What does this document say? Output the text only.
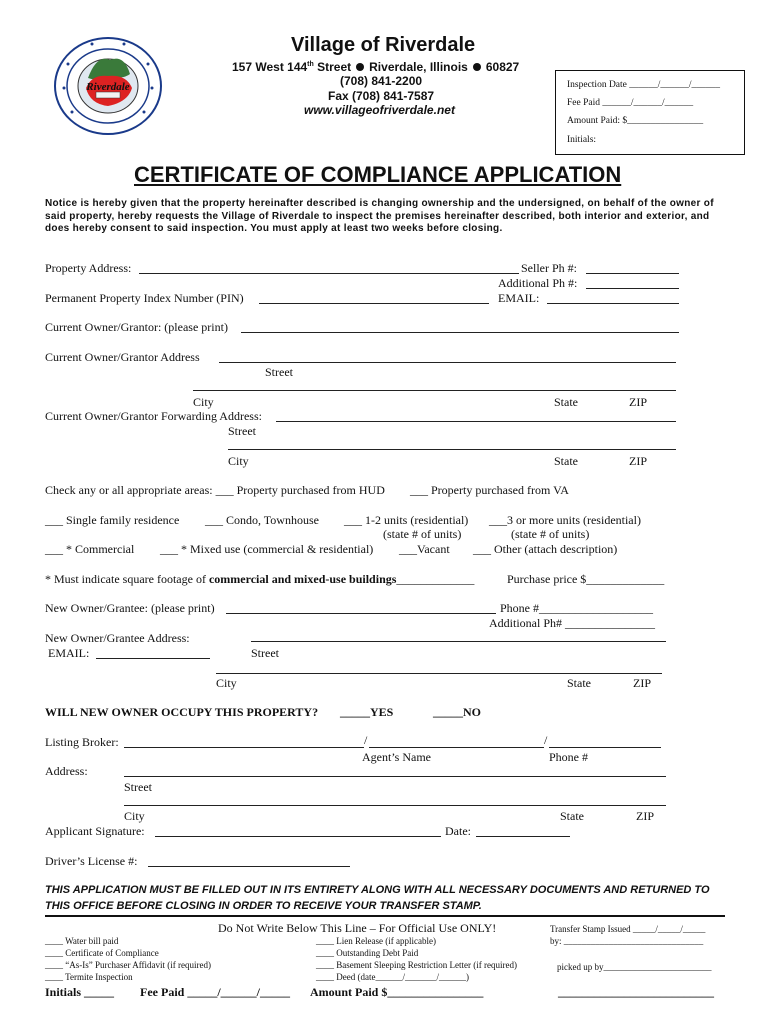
Riverdale
Village of Riverdale
157 West 144th Street Riverdale, Illinois 60827
(708) 841-2200
Fax (708) 841-7587
www.villageofriverdale.net
Inspection Date ______/______/______
Fee Paid ______/______/______
Amount Paid: $________________
Initials:
CERTIFICATE OF COMPLIANCE APPLICATION
Notice is hereby given that the property hereinafter described is changing ownership and the undersigned, on behalf of the owner of said property, hereby requests the Village of Riverdale to inspect the premises hereinafter described, both interior and exterior, and does hereby consent to said inspection. You must apply at least two weeks before closing.
Property Address:	Seller Ph #:
Additional Ph #:
Permanent Property Index Number (PIN)	EMAIL:
Current Owner/Grantor: (please print)
Current Owner/Grantor Address
Street
City	State	ZIP
Current Owner/Grantor Forwarding Address:
Street
City	State	ZIP
Check any or all appropriate areas: ___ Property purchased from HUD ___ Property purchased from VA
___ Single family residence ___ Condo, Townhouse ___ 1-2 units (residential)
(state # of units)
___3 or more units (residential)
(state # of units)
___ * Commercial ___ * Mixed use (commercial & residential) ___Vacant ___ Other (attach description)
* Must indicate square footage of commercial and mixed-use buildings_____________	Purchase price $_____________
New Owner/Grantee: (please print)	Phone #___________________
Additional Ph# _______________
New Owner/Grantee Address:
EMAIL:	Street
City	State	ZIP
WILL NEW OWNER OCCUPY THIS PROPERTY? _____YES	_____NO
Listing Broker:	/	/
Agent’s Name	Phone #
Address:
Street
City	State	ZIP
Applicant Signature:	Date:
Driver’s License #:
THIS APPLICATION MUST BE FILLED OUT IN ITS ENTIRETY ALONG WITH ALL NECESSARY DOCUMENTS AND RETURNED TO THIS OFFICE BEFORE CLOSING IN ORDER TO RECEIVE YOUR TRANSFER STAMP.
Do Not Write Below This Line – For Official Use ONLY!
____ Water bill paid
____ Certificate of Compliance
____ “As-Is” Purchaser Affidavit (if required)
____ Termite Inspection
____ Lien Release (if applicable)
____ Outstanding Debt Paid
____ Basement Sleeping Restriction Letter (if required)
____ Deed (date______/_______/______)
Transfer Stamp Issued _____/_____/_____
by: _______________________________
picked up by________________________
Initials _____ Fee Paid _____/______/_____ Amount Paid $________________	__________________________
